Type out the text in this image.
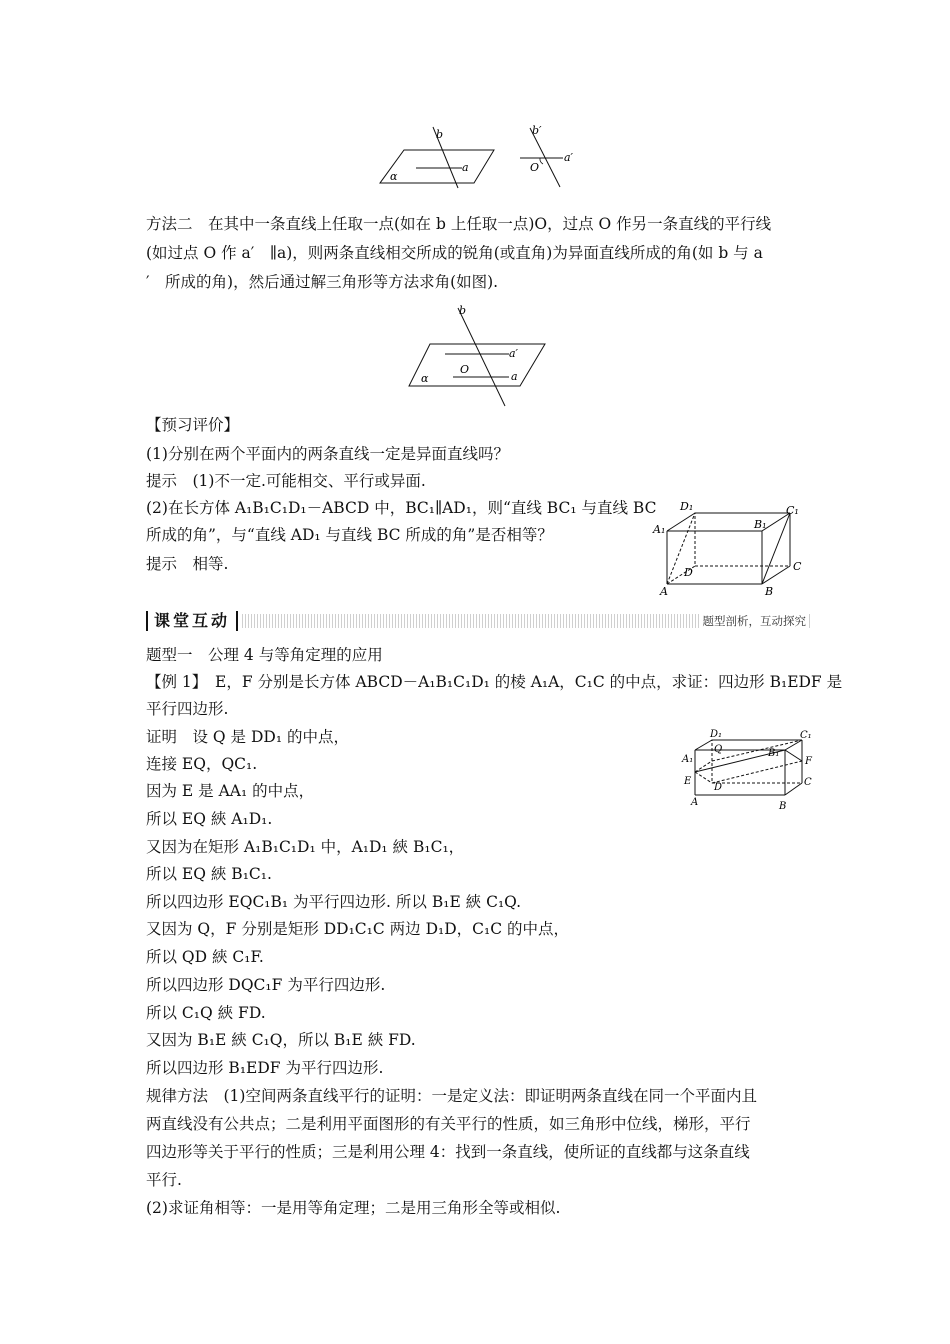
b
a
α
b′
a′
O
方法二　在其中一条直线上任取一点(如在 b 上任取一点)O，过点 O 作另一条直线的平行线
(如过点 O 作 a′　∥a)，则两条直线相交所成的锐角(或直角)为异面直线所成的角(如 b 与 a
′　所成的角)，然后通过解三角形等方法求角(如图).
b
a′
O
α	a
【预习评价】
(1)分别在两个平面内的两条直线一定是异面直线吗？
提示　(1)不一定.可能相交、平行或异面.
(2)在长方体 A₁B₁C₁D₁－ABCD 中，BC₁∥AD₁，则“直线 BC₁ 与直线 BC
所成的角”，与“直线 AD₁ 与直线 BC 所成的角”是否相等？
提示　相等.
D₁	C₁
A₁	B₁
D	C
A	B
课堂互动	题型剖析，互动探究
题型一　公理 4 与等角定理的应用
【例 1】　E，F 分别是长方体 ABCD－A₁B₁C₁D₁ 的棱 A₁A，C₁C 的中点，求证：四边形 B₁EDF 是
平行四边形.
D₁	C₁
Q	B₁
A₁	F
E
D	C
A	B
证明　设 Q 是 DD₁ 的中点，
连接 EQ，QC₁.
因为 E 是 AA₁ 的中点，
所以 EQ 綊 A₁D₁.
又因为在矩形 A₁B₁C₁D₁ 中，A₁D₁ 綊 B₁C₁，
所以 EQ 綊 B₁C₁.
所以四边形 EQC₁B₁ 为平行四边形. 所以 B₁E 綊 C₁Q.
又因为 Q，F 分别是矩形 DD₁C₁C 两边 D₁D，C₁C 的中点，
所以 QD 綊 C₁F.
所以四边形 DQC₁F 为平行四边形.
所以 C₁Q 綊 FD.
又因为 B₁E 綊 C₁Q，所以 B₁E 綊 FD.
所以四边形 B₁EDF 为平行四边形.
规律方法　(1)空间两条直线平行的证明：一是定义法：即证明两条直线在同一个平面内且
两直线没有公共点；二是利用平面图形的有关平行的性质，如三角形中位线，梯形，平行
四边形等关于平行的性质；三是利用公理 4：找到一条直线，使所证的直线都与这条直线
平行.
(2)求证角相等：一是用等角定理；二是用三角形全等或相似.
